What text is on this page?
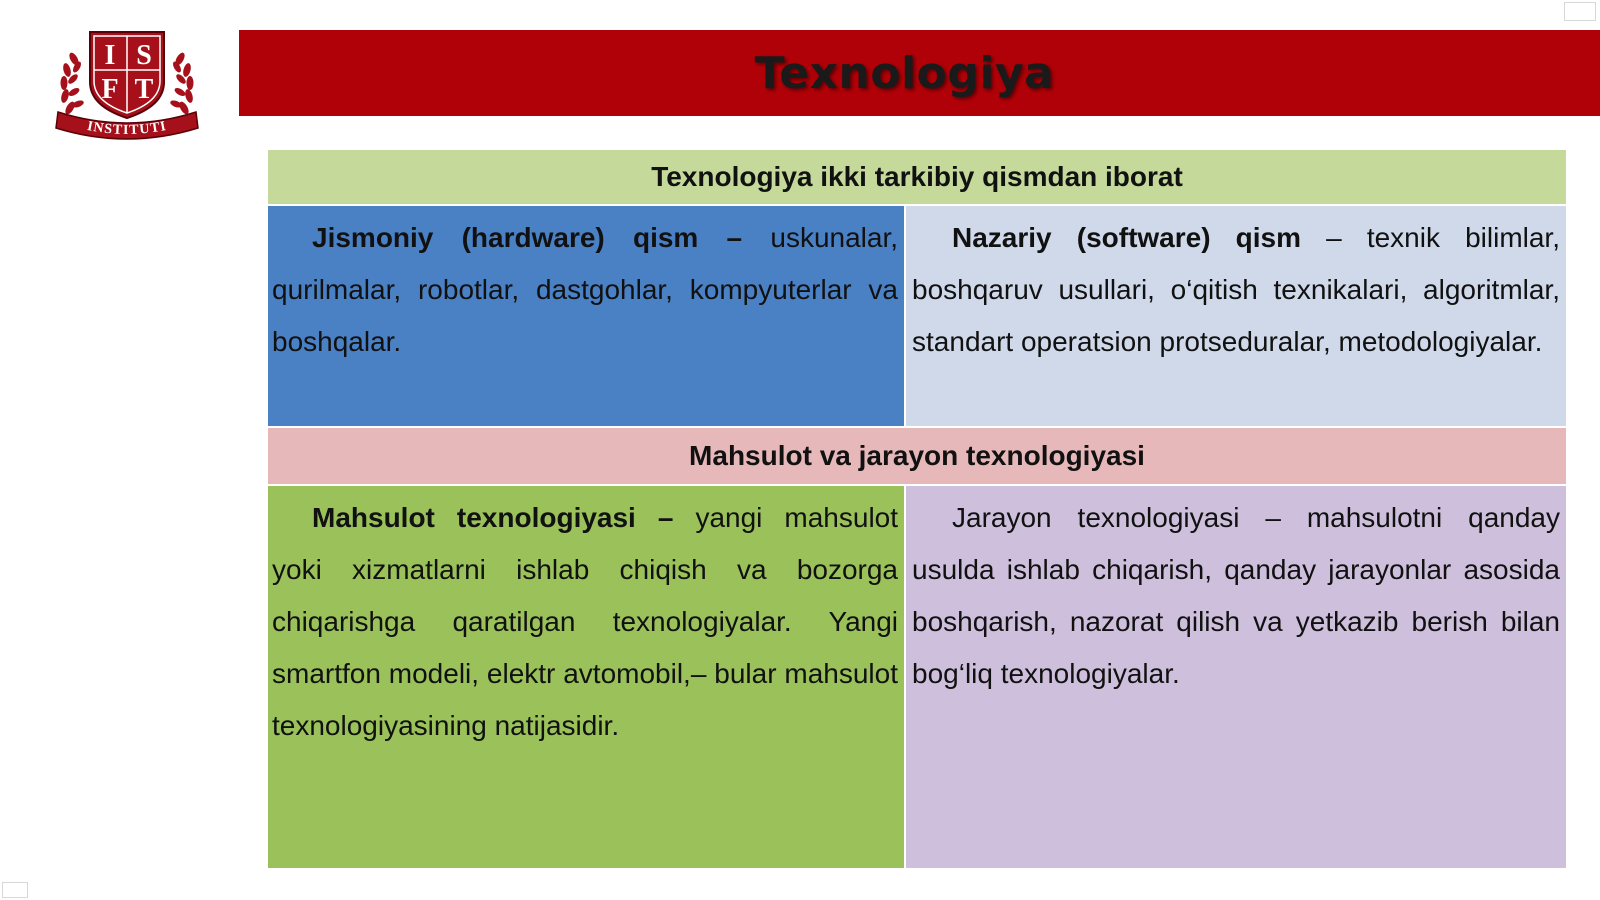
I S
F T
INSTITUTI
Texnologiya
Texnologiya ikki tarkibiy qismdan iborat
Jismoniy (hardware) qism – uskunalar, qurilmalar, robotlar, dastgohlar, kompyuterlar va boshqalar.
Nazariy (software) qism – texnik bilimlar, boshqaruv usullari, o‘qitish texnikalari, algoritmlar, standart operatsion protseduralar, metodologiyalar.
Mahsulot va jarayon texnologiyasi
Mahsulot texnologiyasi – yangi mahsulot yoki xizmatlarni ishlab chiqish va bozorga chiqarishga qaratilgan texnologiyalar. Yangi smartfon modeli, elektr avtomobil,– bular mahsulot texnologiyasining natijasidir.
Jarayon texnologiyasi – mahsulotni qanday usulda ishlab chiqarish, qanday jarayonlar asosida boshqarish, nazorat qilish va yetkazib berish bilan bog‘liq texnologiyalar.
